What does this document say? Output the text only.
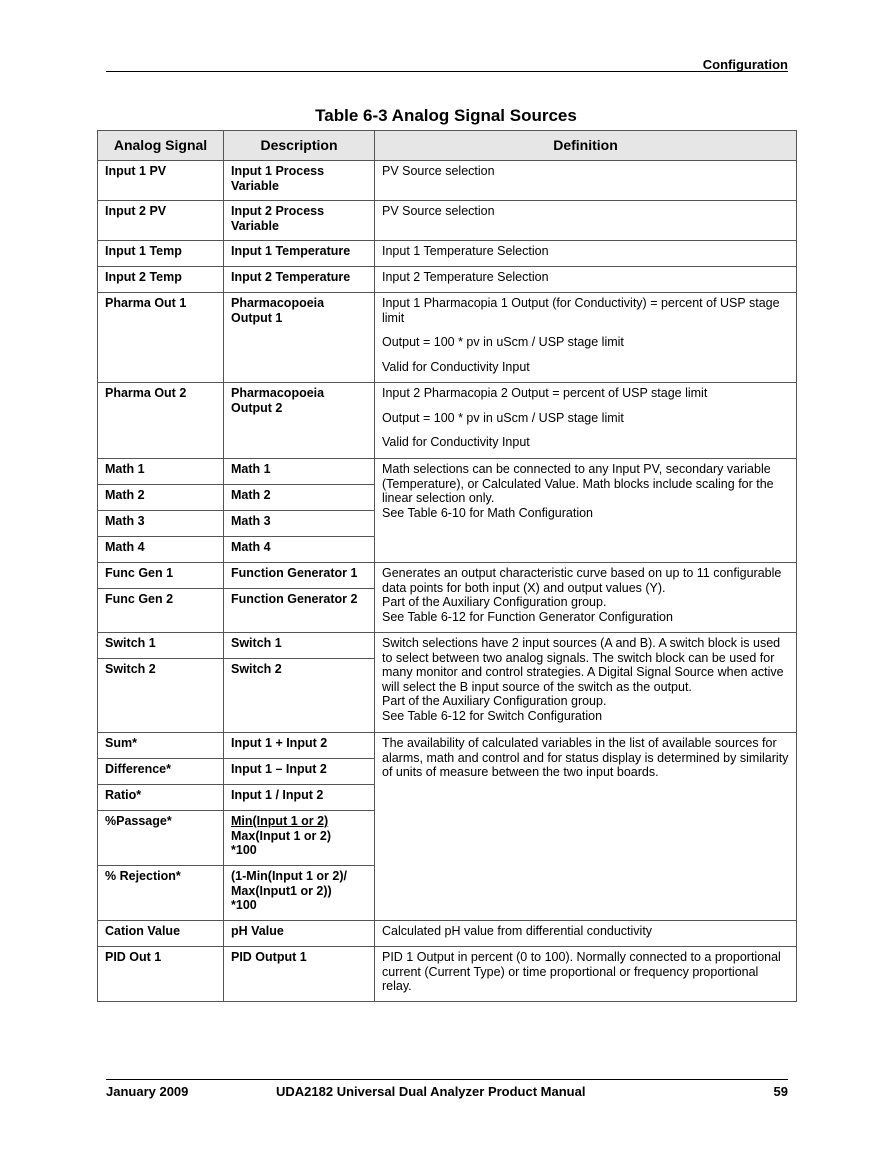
Configuration
Table 6-3 Analog Signal Sources
Analog Signal	Description	Definition
Input 1 PV	Input 1 Process Variable	PV Source selection

Input 2 PV	Input 2 Process Variable	PV Source selection

Input 1 Temp	Input 1 Temperature	Input 1 Temperature Selection

Input 2 Temp	Input 2 Temperature	Input 2 Temperature Selection

Pharma Out 1	Pharmacopoeia Output 1	Input 1 Pharmacopia 1 Output (for Conductivity) = percent of USP stage limit
Output = 100 * pv in uScm / USP stage limit
Valid for Conductivity Input

Pharma Out 2	Pharmacopoeia Output 2	Input 2 Pharmacopia 2 Output = percent of USP stage limit
Output = 100 * pv in uScm / USP stage limit
Valid for Conductivity Input

Math 1	Math 1	Math selections can be connected to any Input PV, secondary variable (Temperature), or Calculated Value. Math blocks include scaling for the linear selection only.
See Table 6-10 for Math Configuration

Math 2	Math 2	
Math 3	Math 3	
Math 4	Math 4	
Func Gen 1	Function Generator 1	Generates an output characteristic curve based on up to 11 configurable data points for both input (X) and output values (Y).
Part of the Auxiliary Configuration group.
See Table 6-12 for Function Generator Configuration

Func Gen 2	Function Generator 2	
Switch 1	Switch 1	Switch selections have 2 input sources (A and B). A switch block is used to select between two analog signals. The switch block can be used for many monitor and control strategies. A Digital Signal Source when active will select the B input source of the switch as the output.
Part of the Auxiliary Configuration group.
See Table 6-12 for Switch Configuration

Switch 2	Switch 2	
Sum*	Input 1 + Input 2	The availability of calculated variables in the list of available sources for alarms, math and control and for status display is determined by similarity of units of measure between the two input boards.

Difference*	Input 1 – Input 2	
Ratio*	Input 1 / Input 2	
%Passage*	Min(Input 1 or 2)
Max(Input 1 or 2)
*100	

% Rejection*	(1-Min(Input 1 or 2)/
Max(Input1 or 2))
*100	

Cation Value	pH Value	Calculated pH value from differential conductivity

PID Out 1	PID Output 1	PID 1 Output in percent (0 to 100). Normally connected to a proportional current (Current Type) or time proportional or frequency proportional relay.
January 2009	UDA2182 Universal Dual Analyzer Product Manual	59
